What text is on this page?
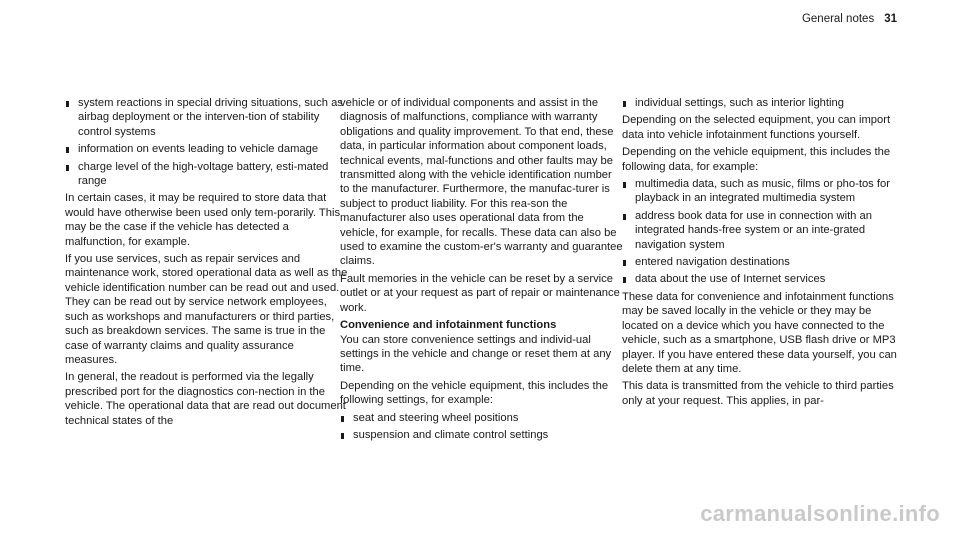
General notes 31
system reactions in special driving situations, such as airbag deployment or the interven-tion of stability control systems
information on events leading to vehicle damage
charge level of the high-voltage battery, esti-mated range

In certain cases, it may be required to store data that would have otherwise been used only tem-porarily. This may be the case if the vehicle has detected a malfunction, for example.

If you use services, such as repair services and maintenance work, stored operational data as well as the vehicle identification number can be read out and used. They can be read out by service network employees, such as workshops and manufacturers or third parties, such as breakdown services. The same is true in the case of warranty claims and quality assurance measures.

In general, the readout is performed via the legally prescribed port for the diagnostics con-nection in the vehicle. The operational data that are read out document technical states of the

vehicle or of individual components and assist in the diagnosis of malfunctions, compliance with warranty obligations and quality improvement. To that end, these data, in particular information about component loads, technical events, mal-functions and other faults may be transmitted along with the vehicle identification number to the manufacturer. Furthermore, the manufac-turer is subject to product liability. For this rea-son the manufacturer also uses operational data from the vehicle, for example, for recalls. These data can also be used to examine the custom-er's warranty and guarantee claims.

Fault memories in the vehicle can be reset by a service outlet or at your request as part of repair or maintenance work.

Convenience and infotainment functions

You can store convenience settings and individ-ual settings in the vehicle and change or reset them at any time.

Depending on the vehicle equipment, this includes the following settings, for example:

seat and steering wheel positions
suspension and climate control settings
individual settings, such as interior lighting

Depending on the selected equipment, you can import data into vehicle infotainment functions yourself.

Depending on the vehicle equipment, this includes the following data, for example:

multimedia data, such as music, films or pho-tos for playback in an integrated multimedia system
address book data for use in connection with an integrated hands-free system or an inte-grated navigation system
entered navigation destinations
data about the use of Internet services

These data for convenience and infotainment functions may be saved locally in the vehicle or they may be located on a device which you have connected to the vehicle, such as a smartphone, USB flash drive or MP3 player. If you have entered these data yourself, you can delete them at any time.

This data is transmitted from the vehicle to third parties only at your request. This applies, in par-

carmanualsonline.info
